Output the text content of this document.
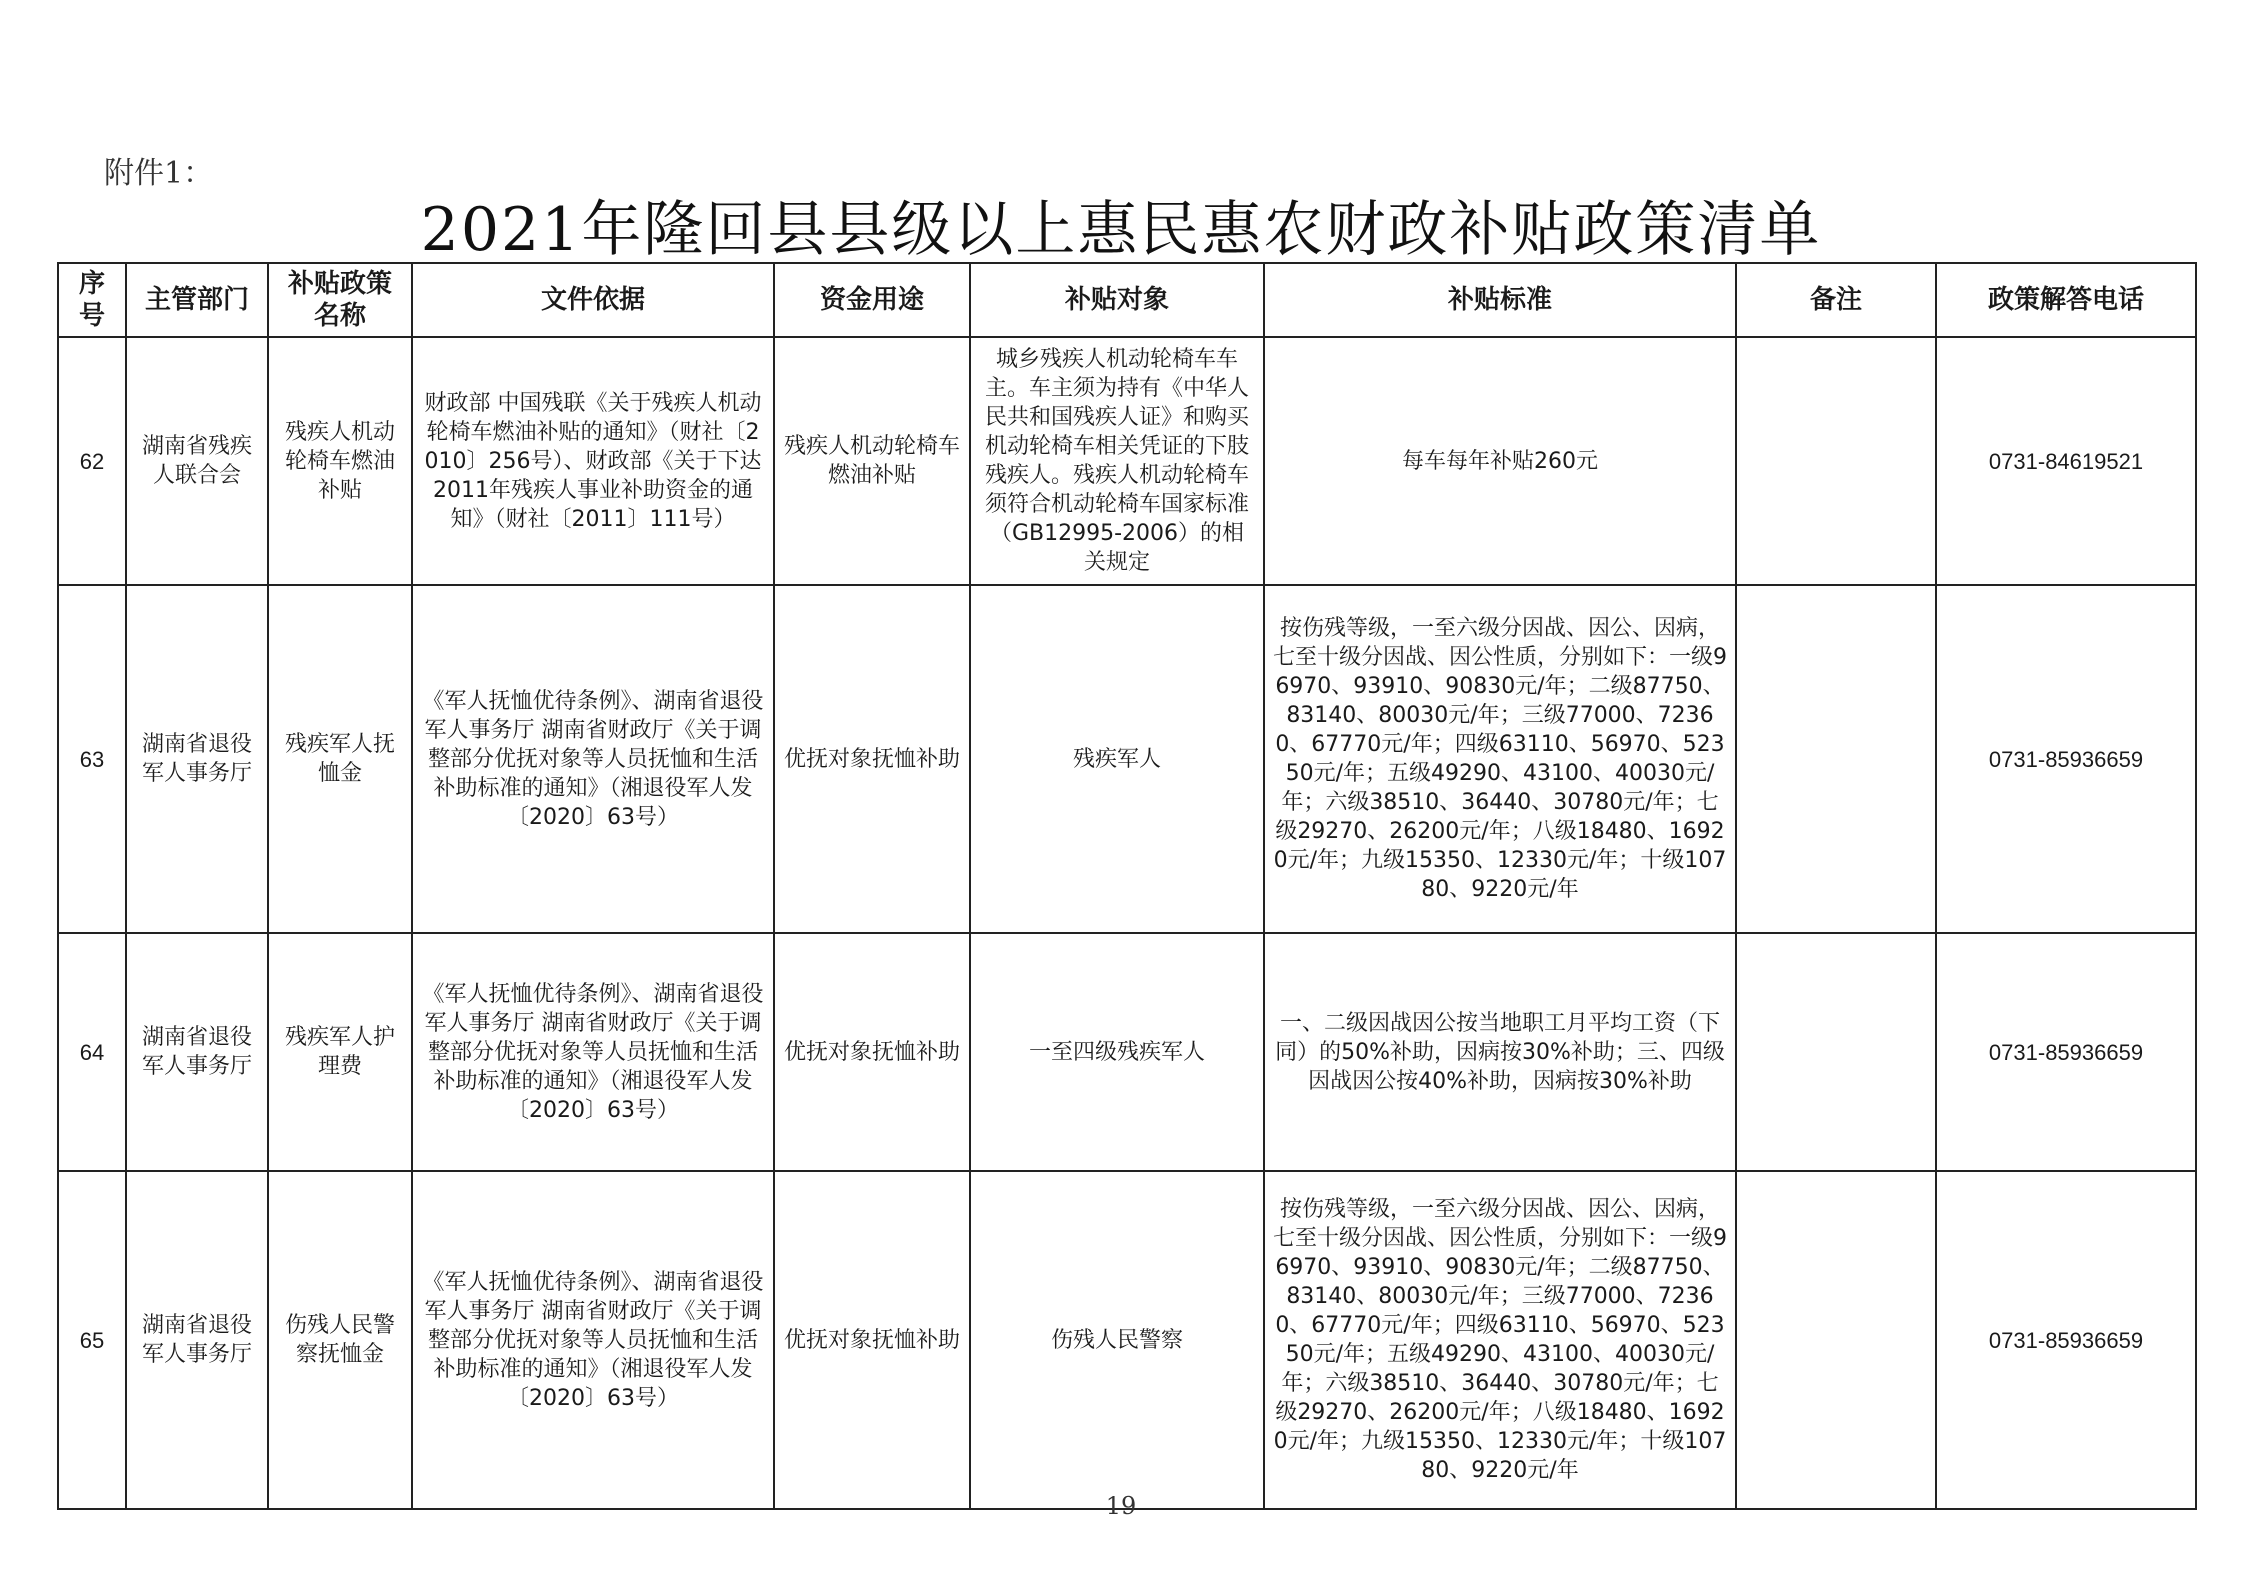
附件1：
2021年隆回县县级以上惠民惠农财政补贴政策清单
序号	主管部门	补贴政策名称	文件依据	资金用途	补贴对象	补贴标准	备注	政策解答电话
62	湖南省残疾人联合会	残疾人机动轮椅车燃油补贴	财政部 中国残联《关于残疾人机动轮椅车燃油补贴的通知》（财社〔2010〕256号）、财政部《关于下达2011年残疾人事业补助资金的通知》（财社〔2011〕111号）	残疾人机动轮椅车燃油补贴	城乡残疾人机动轮椅车车主。车主须为持有《中华人民共和国残疾人证》和购买机动轮椅车相关凭证的下肢残疾人。残疾人机动轮椅车须符合机动轮椅车国家标准（GB12995-2006）的相关规定	每车每年补贴260元		0731-84619521
63	湖南省退役军人事务厅	残疾军人抚恤金	《军人抚恤优待条例》、湖南省退役军人事务厅 湖南省财政厅《关于调整部分优抚对象等人员抚恤和生活补助标准的通知》（湘退役军人发〔2020〕63号）	优抚对象抚恤补助	残疾军人	按伤残等级，一至六级分因战、因公、因病，七至十级分因战、因公性质，分别如下：一级96970、93910、90830元/年；二级87750、83140、80030元/年；三级77000、72360、67770元/年；四级63110、56970、52350元/年；五级49290、43100、40030元/年；六级38510、36440、30780元/年；七级29270、26200元/年；八级18480、16920元/年；九级15350、12330元/年；十级10780、9220元/年		0731-85936659
64	湖南省退役军人事务厅	残疾军人护理费	《军人抚恤优待条例》、湖南省退役军人事务厅 湖南省财政厅《关于调整部分优抚对象等人员抚恤和生活补助标准的通知》（湘退役军人发〔2020〕63号）	优抚对象抚恤补助	一至四级残疾军人	一、二级因战因公按当地职工月平均工资（下同）的50%补助，因病按30%补助；三、四级因战因公按40%补助，因病按30%补助		0731-85936659
65	湖南省退役军人事务厅	伤残人民警察抚恤金	《军人抚恤优待条例》、湖南省退役军人事务厅 湖南省财政厅《关于调整部分优抚对象等人员抚恤和生活补助标准的通知》（湘退役军人发〔2020〕63号）	优抚对象抚恤补助	伤残人民警察	按伤残等级，一至六级分因战、因公、因病，七至十级分因战、因公性质，分别如下：一级96970、93910、90830元/年；二级87750、83140、80030元/年；三级77000、72360、67770元/年；四级63110、56970、52350元/年；五级49290、43100、40030元/年；六级38510、36440、30780元/年；七级29270、26200元/年；八级18480、16920元/年；九级15350、12330元/年；十级10780、9220元/年		0731-85936659
19
